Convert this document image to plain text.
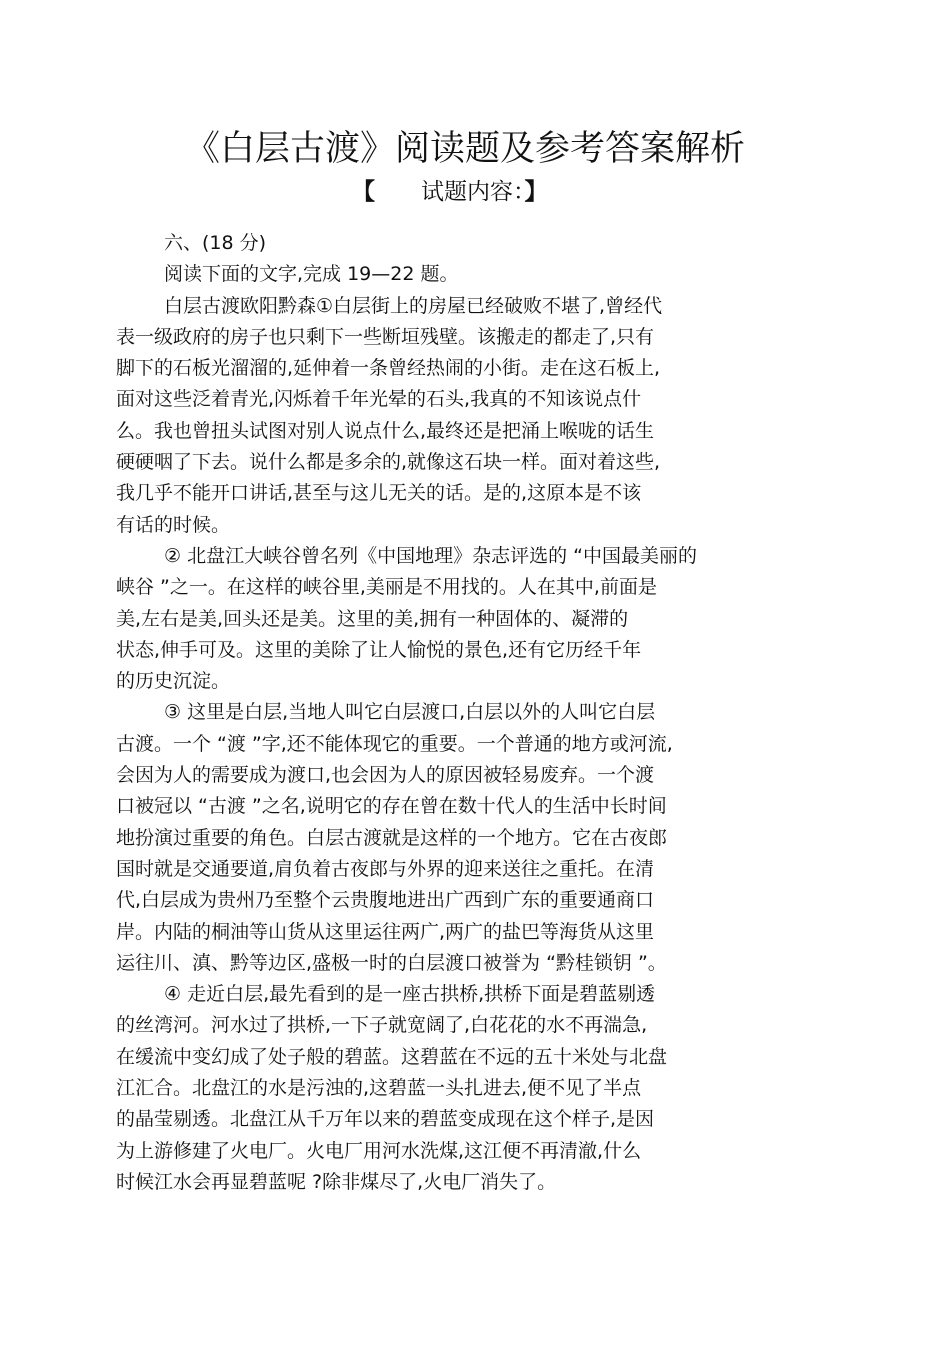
《白层古渡》阅读题及参考答案解析
【 试题内容：】
六、(18 分)
阅读下面的文字,完成 19—22 题。
白层古渡欧阳黔森①白层街上的房屋已经破败不堪了,曾经代
表一级政府的房子也只剩下一些断垣残壁。该搬走的都走了,只有
脚下的石板光溜溜的,延伸着一条曾经热闹的小街。走在这石板上,
面对这些泛着青光,闪烁着千年光晕的石头,我真的不知该说点什
么。我也曾扭头试图对别人说点什么,最终还是把涌上喉咙的话生
硬硬咽了下去。说什么都是多余的,就像这石块一样。面对着这些,
我几乎不能开口讲话,甚至与这儿无关的话。是的,这原本是不该
有话的时候。
② 北盘江大峡谷曾名列《中国地理》杂志评选的 “中国最美丽的
峡谷 ”之一。在这样的峡谷里,美丽是不用找的。人在其中,前面是
美,左右是美,回头还是美。这里的美,拥有一种固体的、凝滞的
状态,伸手可及。这里的美除了让人愉悦的景色,还有它历经千年
的历史沉淀。
③ 这里是白层,当地人叫它白层渡口,白层以外的人叫它白层
古渡。一个 “渡 ”字,还不能体现它的重要。一个普通的地方或河流,
会因为人的需要成为渡口,也会因为人的原因被轻易废弃。一个渡
口被冠以 “古渡 ”之名,说明它的存在曾在数十代人的生活中长时间
地扮演过重要的角色。白层古渡就是这样的一个地方。它在古夜郎
国时就是交通要道,肩负着古夜郎与外界的迎来送往之重托。在清
代,白层成为贵州乃至整个云贵腹地进出广西到广东的重要通商口
岸。内陆的桐油等山货从这里运往两广,两广的盐巴等海货从这里
运往川、滇、黔等边区,盛极一时的白层渡口被誉为 “黔桂锁钥 ”。
④ 走近白层,最先看到的是一座古拱桥,拱桥下面是碧蓝剔透
的丝湾河。河水过了拱桥,一下子就宽阔了,白花花的水不再湍急,
在缓流中变幻成了处子般的碧蓝。这碧蓝在不远的五十米处与北盘
江汇合。北盘江的水是污浊的,这碧蓝一头扎进去,便不见了半点
的晶莹剔透。北盘江从千万年以来的碧蓝变成现在这个样子,是因
为上游修建了火电厂。火电厂用河水洗煤,这江便不再清澈,什么
时候江水会再显碧蓝呢 ?除非煤尽了,火电厂消失了。
